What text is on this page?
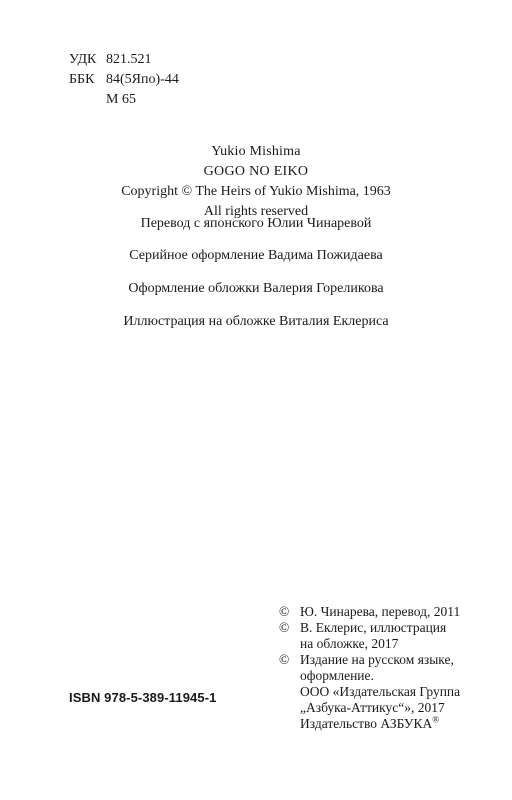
УДК 821.521
ББК 84(5Япо)-44
М 65
Yukio Mishima
GOGO NO EIKO
Copyright © The Heirs of Yukio Mishima, 1963
All rights reserved
Перевод с японского Юлии Чинаревой
Серийное оформление Вадима Пожидаева
Оформление обложки Валерия Гореликова
Иллюстрация на обложке Виталия Еклериса
© Ю. Чинарева, перевод, 2011
© В. Еклерис, иллюстрация
на обложке, 2017
© Издание на русском языке,
оформление.
ООО «Издательская Группа
„Азбука-Аттикус“», 2017
Издательство АЗБУКА®
ISBN 978-5-389-11945-1
